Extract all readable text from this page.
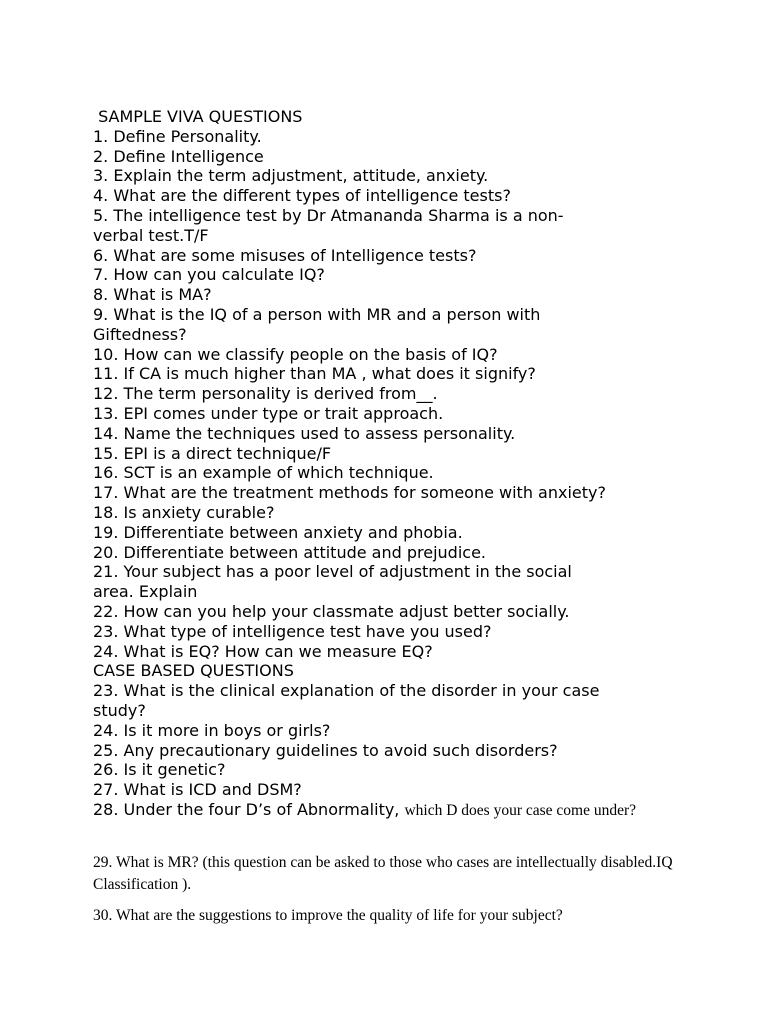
SAMPLE VIVA QUESTIONS
1. Define Personality.
2. Define Intelligence
3. Explain the term adjustment, attitude, anxiety.
4. What are the different types of intelligence tests?
5. The intelligence test by Dr Atmananda Sharma is a non-
verbal test.T/F
6. What are some misuses of Intelligence tests?
7. How can you calculate IQ?
8. What is MA?
9. What is the IQ of a person with MR and a person with
Giftedness?
10. How can we classify people on the basis of IQ?
11. If CA is much higher than MA , what does it signify?
12. The term personality is derived from__.
13. EPI comes under type or trait approach.
14. Name the techniques used to assess personality.
15. EPI is a direct technique/F
16. SCT is an example of which technique.
17. What are the treatment methods for someone with anxiety?
18. Is anxiety curable?
19. Differentiate between anxiety and phobia.
20. Differentiate between attitude and prejudice.
21. Your subject has a poor level of adjustment in the social
area. Explain
22. How can you help your classmate adjust better socially.
23. What type of intelligence test have you used?
24. What is EQ? How can we measure EQ?
CASE BASED QUESTIONS
23. What is the clinical explanation of the disorder in your case
study?
24. Is it more in boys or girls?
25. Any precautionary guidelines to avoid such disorders?
26. Is it genetic?
27. What is ICD and DSM?
28. Under the four D’s of Abnormality, which D does your case come under?
29. What is MR? (this question can be asked to those who cases are intellectually disabled.IQ Classification ).
30. What are the suggestions to improve the quality of life for your subject?
